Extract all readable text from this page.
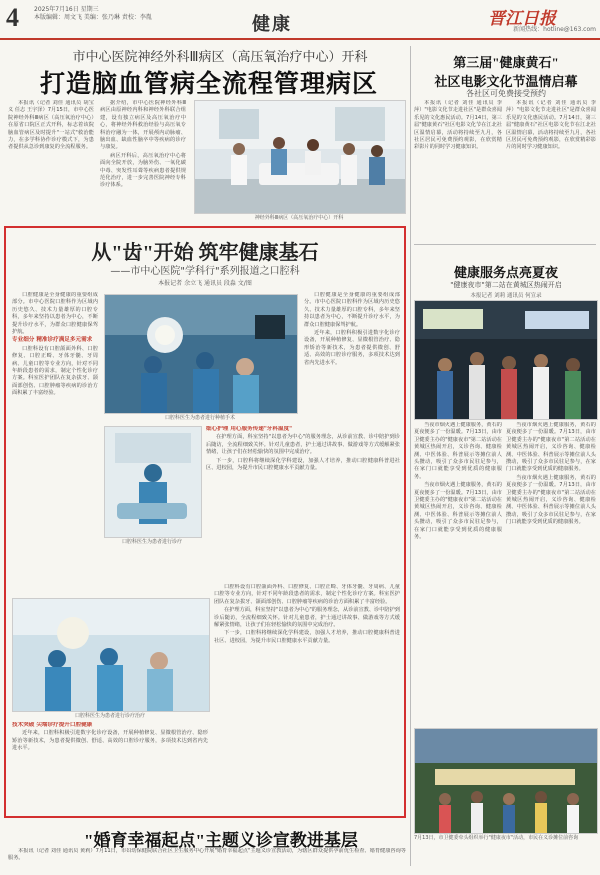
4	2025年7月16日 星期三
本版编辑：周文飞 美编：张乃琳 责校：李胤	健康	晋江日报
新闻热线：hotline@163.com
市中心医院神经外科Ⅲ病区（高压氧治疗中心）开科
打造脑血管病全流程管理病区

本报讯（记者 刘佳 通讯员 胡宝义 任志 王宇泽）7月15日，市中心医院神经外科Ⅲ病区（高压氧治疗中心）在原省口院区正式开科，标志着该院脑血管病区及时提升"一站式"救治能力，在多学科协作诊疗模式下，为患者提供从急诊到康复的全流程服务。

据介绍，市中心医院神经外科Ⅲ病区由原神经内科和神经外科联合组建，设有独立病区及高压氧治疗中心，将神经外科救治经验与高压氧专科治疗融为一体，开展颅内动脉瘤、脑出血、缺血性脑卒中等疾病的诊疗与康复。

病区开科后，高压氧治疗中心将面向全院开放，为脑外伤、一氧化碳中毒、突发性耳聋等疾病患者提供规范化治疗，进一步完善医院神经专科诊疗体系。

神经外科Ⅲ病区（高压氧治疗中心）开科
从"齿"开始 筑牢健康基石
——市中心医院"学科行"系列报道之口腔科
本报记者 余立飞 通讯员 段淼 文/图

口腔健康是全身健康的重要组成部分。市中心医院口腔科作为区域内历史悠久、技术力量雄厚的口腔专科，多年来坚持以患者为中心，不断提升诊疗水平，为群众口腔健康保驾护航。

专业细分 精准诊疗满足多元需求

口腔科设有口腔颌面外科、口腔修复、口腔正畸、牙体牙髓、牙周病、儿童口腔等专业方向，针对不同年龄段患者的需求，制定个性化诊疗方案。科室医护团队在复杂拔牙、颌面部创伤、口腔肿瘤等疾病的诊治方面积累了丰富经验。

口腔科医生为患者进行种植手术

口腔健康是全身健康的重要组成部分。市中心医院口腔科作为区域内历史悠久、技术力量雄厚的口腔专科，多年来坚持以患者为中心，不断提升诊疗水平，为群众口腔健康保驾护航。

近年来，口腔科积极引进数字化诊疗设备，开展种植修复、显微根管治疗、隐形矫治等新技术，为患者提供微创、舒适、高效的口腔诊疗服务，多项技术达到省内先进水平。

口腔科医生为患者进行诊疗

细心护理 用心服务传递"牙科温度"

在护理方面，科室坚持"以患者为中心"的服务理念，从诊前宣教、诊中陪护到诊后随访，全流程细致关怀。针对儿童患者，护士通过讲故事、做游戏等方式缓解紧张情绪，让孩子们在轻松愉快的氛围中完成治疗。

下一步，口腔科将继续深化学科建设，加强人才培养，推动口腔健康科普进社区、进校园，为提升市民口腔健康水平贡献力量。

口腔科医生为患者进行诊疗治疗

技术突破 尖端诊疗提升口腔健康

近年来，口腔科积极引进数字化诊疗设备，开展种植修复、显微根管治疗、隐形矫治等新技术，为患者提供微创、舒适、高效的口腔诊疗服务，多项技术达到省内先进水平。

口腔科设有口腔颌面外科、口腔修复、口腔正畸、牙体牙髓、牙周病、儿童口腔等专业方向，针对不同年龄段患者的需求，制定个性化诊疗方案。科室医护团队在复杂拔牙、颌面部创伤、口腔肿瘤等疾病的诊治方面积累了丰富经验。

在护理方面，科室坚持"以患者为中心"的服务理念，从诊前宣教、诊中陪护到诊后随访，全流程细致关怀。针对儿童患者，护士通过讲故事、做游戏等方式缓解紧张情绪，让孩子们在轻松愉快的氛围中完成治疗。

下一步，口腔科将继续深化学科建设，加强人才培养，推动口腔健康科普进社区、进校园，为提升市民口腔健康水平贡献力量。

第三届"健康黄石"
社区电影文化节温情启幕
各社区可免费接受预约

本报讯（记者 刘佳 通讯员 李萍）"电影文化节走进社区"是群众喜闻乐见的文化惠民活动。7月14日，第三届"健康黄石"社区电影文化节在江北社区温情启幕，活动将持续至九月，各社区居民可免费预约观影，在欣赏精彩影片的同时学习健康知识。

本报讯（记者 刘佳 通讯员 李萍）"电影文化节走进社区"是群众喜闻乐见的文化惠民活动。7月14日，第三届"健康黄石"社区电影文化节在江北社区温情启幕，活动将持续至九月，各社区居民可免费预约观影，在欣赏精彩影片的同时学习健康知识。

健康服务点亮夏夜
"健康夜市"第二站在黄城区热闹开启
本报记者 刘莉 通讯员 何宣录

当夜市烟火遇上健康服务，黄石的夏夜便多了一份温暖。7月13日，由市卫健委主办的"健康夜市"第二站活动在黄城区热闹开启，义诊咨询、健康检测、中医体验、科普展示等摊位前人头攒动，吸引了众多市民驻足参与，在家门口就能享受到优质的健康服务。

当夜市烟火遇上健康服务，黄石的夏夜便多了一份温暖。7月13日，由市卫健委主办的"健康夜市"第二站活动在黄城区热闹开启，义诊咨询、健康检测、中医体验、科普展示等摊位前人头攒动，吸引了众多市民驻足参与，在家门口就能享受到优质的健康服务。

当夜市烟火遇上健康服务，黄石的夏夜便多了一份温暖。7月13日，由市卫健委主办的"健康夜市"第二站活动在黄城区热闹开启，义诊咨询、健康检测、中医体验、科普展示等摊位前人头攒动，吸引了众多市民驻足参与，在家门口就能享受到优质的健康服务。

当夜市烟火遇上健康服务，黄石的夏夜便多了一份温暖。7月13日，由市卫健委主办的"健康夜市"第二站活动在黄城区热闹开启，义诊咨询、健康检测、中医体验、科普展示等摊位前人头攒动，吸引了众多市民驻足参与，在家门口就能享受到优质的健康服务。

7月13日，市卫健委牵头组织举行"健康夜市"活动，市民在义诊摊位前咨询
"婚育幸福起点"主题义诊宣教进基层

本报讯（记者 刘佳 通讯员 黄莉）7月11日，市妇幼保健院联合社区卫生服务中心开展"婚育幸福起点"主题义诊宣教活动，为辖区群众提供孕前优生检查、婚育健康咨询等服务。
